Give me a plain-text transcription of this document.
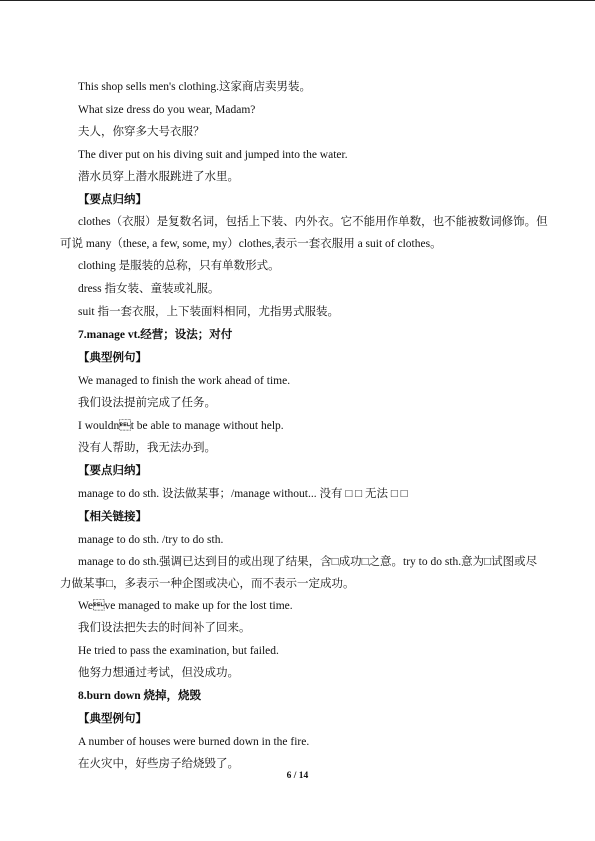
This shop sells men's clothing.这家商店卖男装。

What size dress do you wear, Madam?

夫人，你穿多大号衣服？

The diver put on his diving suit and jumped into the water.

潜水员穿上潜水服跳进了水里。

【要点归纳】

clothes（衣服）是复数名词，包括上下装、内外衣。它不能用作单数，也不能被数词修饰。但可说 many（these, a few, some, my）clothes,表示一套衣服用 a suit of clothes。

clothing 是服装的总称，只有单数形式。

dress 指女装、童装或礼服。

suit 指一套衣服，上下装面料相同，尤指男式服装。

7.manage vt.经营；设法；对付

【典型例句】

We managed to finish the work ahead of time.

我们设法提前完成了任务。

I wouldnt be able to manage without help.

没有人帮助，我无法办到。

【要点归纳】

manage to do sth. 设法做某事；/manage without... 没有 □ □ 无法 □ □

【相关链接】

manage to do sth. /try to do sth.

manage to do sth.强调已达到目的或出现了结果，含□成功□之意。try to do sth.意为□试图或尽力做某事□，多表示一种企图或决心，而不表示一定成功。

Weve managed to make up for the lost time.

我们设法把失去的时间补了回来。

He tried to pass the examination, but failed.

他努力想通过考试，但没成功。

8.burn down 烧掉，烧毁

【典型例句】

A number of houses were burned down in the fire.

在火灾中，好些房子给烧毁了。

6 / 14
